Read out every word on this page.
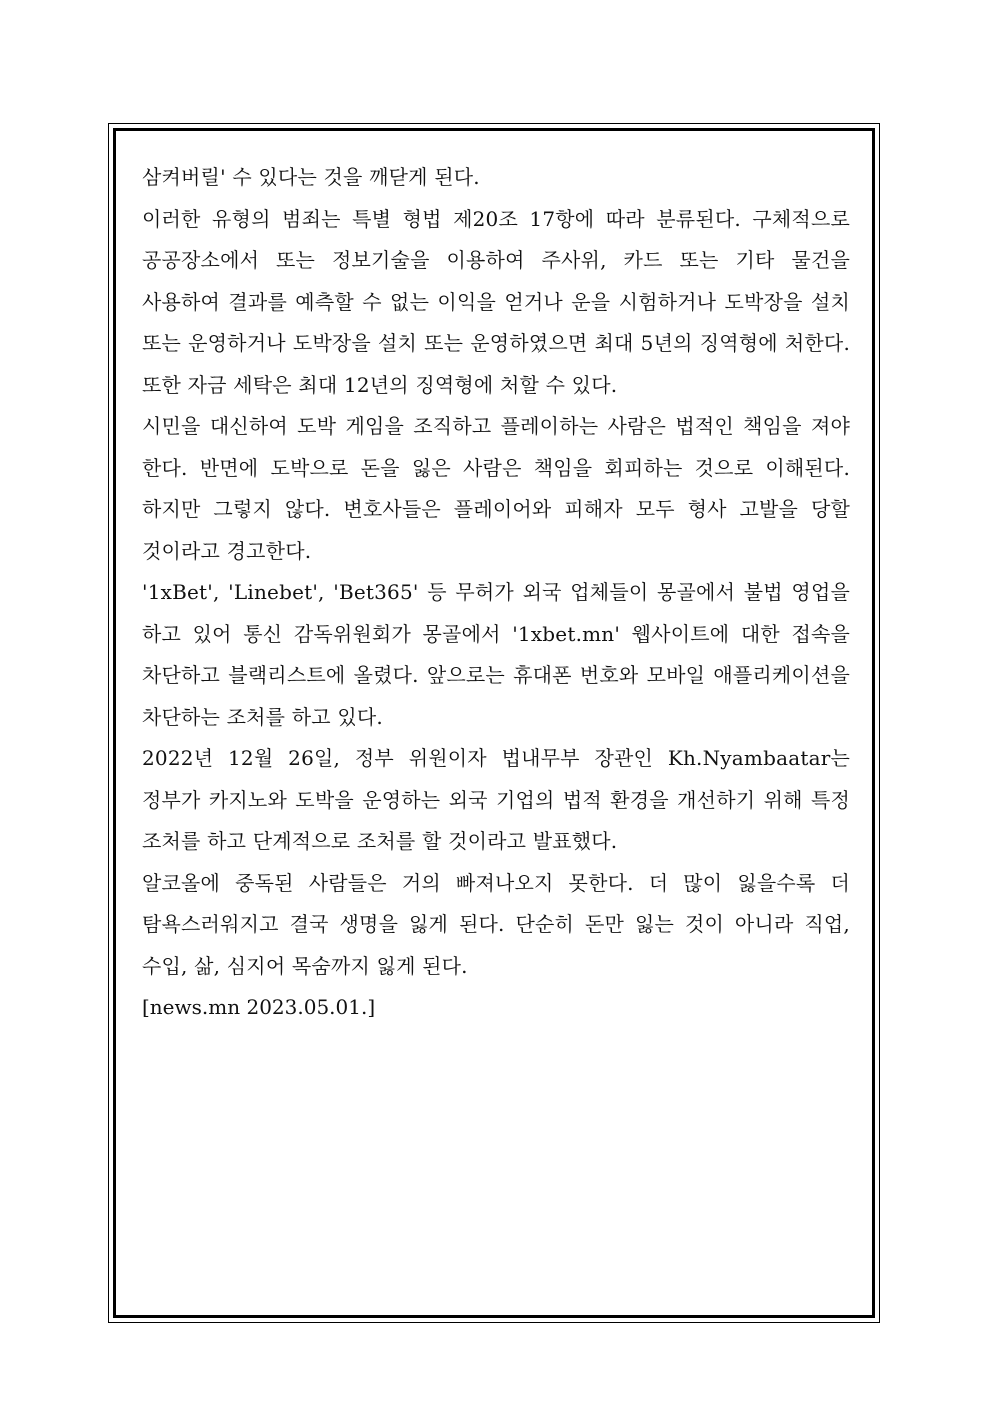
삼켜버릴' 수 있다는 것을 깨닫게 된다.

이러한 유형의 범죄는 특별 형법 제20조 17항에 따라 분류된다. 구체적으로 공공장소에서 또는 정보기술을 이용하여 주사위, 카드 또는 기타 물건을 사용하여 결과를 예측할 수 없는 이익을 얻거나 운을 시험하거나 도박장을 설치 또는 운영하거나 도박장을 설치 또는 운영하였으면 최대 5년의 징역형에 처한다. 또한 자금 세탁은 최대 12년의 징역형에 처할 수 있다.

시민을 대신하여 도박 게임을 조직하고 플레이하는 사람은 법적인 책임을 져야 한다. 반면에 도박으로 돈을 잃은 사람은 책임을 회피하는 것으로 이해된다. 하지만 그렇지 않다. 변호사들은 플레이어와 피해자 모두 형사 고발을 당할 것이라고 경고한다.

'1xBet', 'Linebet', 'Bet365' 등 무허가 외국 업체들이 몽골에서 불법 영업을 하고 있어 통신 감독위원회가 몽골에서 '1xbet.mn' 웹사이트에 대한 접속을 차단하고 블랙리스트에 올렸다. 앞으로는 휴대폰 번호와 모바일 애플리케이션을 차단하는 조처를 하고 있다.

2022년 12월 26일, 정부 위원이자 법내무부 장관인 Kh.Nyambaatar는 정부가 카지노와 도박을 운영하는 외국 기업의 법적 환경을 개선하기 위해 특정 조처를 하고 단계적으로 조처를 할 것이라고 발표했다.

알코올에 중독된 사람들은 거의 빠져나오지 못한다. 더 많이 잃을수록 더 탐욕스러워지고 결국 생명을 잃게 된다. 단순히 돈만 잃는 것이 아니라 직업, 수입, 삶, 심지어 목숨까지 잃게 된다.

[news.mn 2023.05.01.]
